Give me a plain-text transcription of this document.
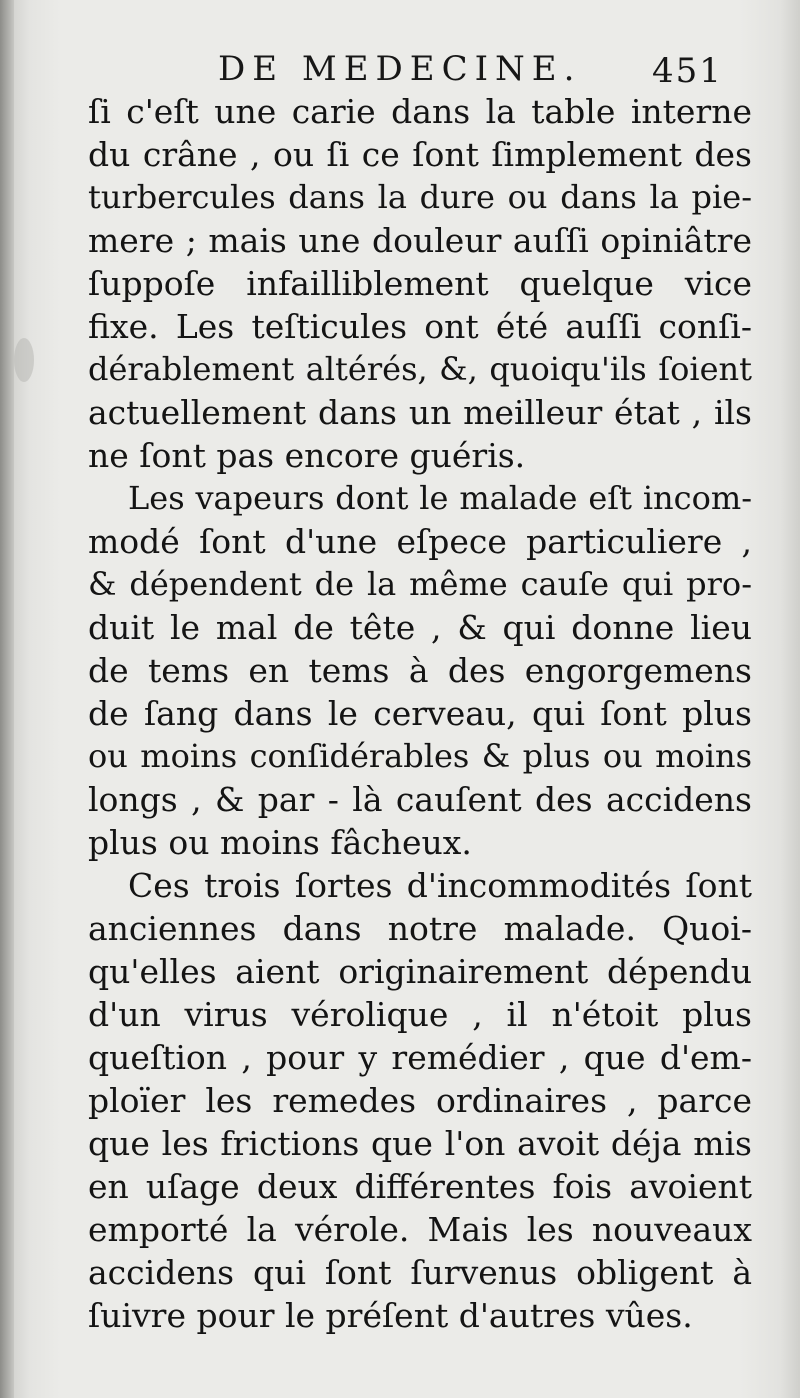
DE MEDECINE. 451
ſi c'eſt une carie dans la table interne
du crâne , ou ſi ce ſont ſimplement des
turbercules dans la dure ou dans la pie-
mere ; mais une douleur auſſi opiniâtre
ſuppoſe infailliblement quelque vice
fixe. Les teſticules ont été auſſi conſi-
dérablement altérés, &, quoiqu'ils ſoient
actuellement dans un meilleur état , ils
ne ſont pas encore guéris.
Les vapeurs dont le malade eſt incom-
modé ſont d'une eſpece particuliere ,
& dépendent de la même cauſe qui pro-
duit le mal de tête , & qui donne lieu
de tems en tems à des engorgemens
de ſang dans le cerveau, qui ſont plus
ou moins conſidérables & plus ou moins
longs , & par - là cauſent des accidens
plus ou moins fâcheux.
Ces trois ſortes d'incommodités ſont
anciennes dans notre malade. Quoi-
qu'elles aient originairement dépendu
d'un virus vérolique , il n'étoit plus
queſtion , pour y remédier , que d'em-
ploïer les remedes ordinaires , parce
que les frictions que l'on avoit déja mis
en uſage deux différentes fois avoient
emporté la vérole. Mais les nouveaux
accidens qui ſont ſurvenus obligent à
ſuivre pour le préſent d'autres vûes.
